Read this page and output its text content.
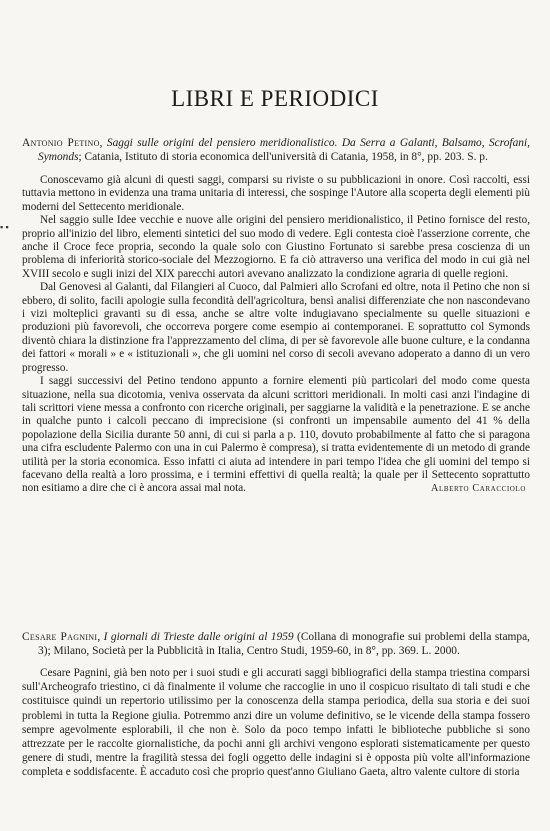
LIBRI E PERIODICI
▪ ▪

Antonio Petino, Saggi sulle origini del pensiero meridionalistico. Da Serra a Galanti, Balsamo, Scrofani, Symonds; Catania, Istituto di storia economica dell'università di Catania, 1958, in 8°, pp. 203. S. p.

Conoscevamo già alcuni di questi saggi, comparsi su riviste o su pubblicazioni in onore. Così raccolti, essi tuttavia mettono in evidenza una trama unitaria di interessi, che sospinge l'Autore alla scoperta degli elementi più moderni del Settecento meridionale.

Nel saggio sulle Idee vecchie e nuove alle origini del pensiero meridionalistico, il Petino fornisce del resto, proprio all'inizio del libro, elementi sintetici del suo modo di vedere. Egli contesta cioè l'asserzione corrente, che anche il Croce fece propria, secondo la quale solo con Giustino Fortunato si sarebbe presa coscienza di un problema di inferiorità storico-sociale del Mezzogiorno. E fa ciò attraverso una verifica del modo in cui già nel XVIII secolo e sugli inizi del XIX parecchi autori avevano analizzato la condizione agraria di quelle regioni.

Dal Genovesi al Galanti, dal Filangieri al Cuoco, dal Palmieri allo Scrofani ed oltre, nota il Petino che non si ebbero, di solito, facili apologie sulla fecondità dell'agricoltura, bensì analisi differenziate che non nascondevano i vizi molteplici gravanti su di essa, anche se altre volte indugiavano specialmente su quelle situazioni e produzioni più favorevoli, che occorreva porgere come esempio ai contemporanei. E soprattutto col Symonds diventò chiara la distinzione fra l'apprezzamento del clima, di per sè favorevole alle buone culture, e la condanna dei fattori « morali » e « istituzionali », che gli uomini nel corso di secoli avevano adoperato a danno di un vero progresso.

I saggi successivi del Petino tendono appunto a fornire elementi più particolari del modo come questa situazione, nella sua dicotomia, veniva osservata da alcuni scrittori meridionali. In molti casi anzi l'indagine di tali scrittori viene messa a confronto con ricerche originali, per saggiarne la validità e la penetrazione. E se anche in qualche punto i calcoli peccano di imprecisione (si confronti un impensabile aumento del 41 % della popolazione della Sicilia durante 50 anni, di cui si parla a p. 110, dovuto probabilmente al fatto che si paragona una cifra escludente Palermo con una in cui Palermo è compresa), si tratta evidentemente di un metodo di grande utilità per la storia economica. Esso infatti ci aiuta ad intendere in pari tempo l'idea che gli uomini del tempo si facevano della realtà a loro prossima, e i termini effettivi di quella realtà; la quale per il Settecento soprattutto non esitiamo a dire che ci è ancora assai mal nota.	Alberto Caracciolo

Cesare Pagnini, I giornali di Trieste dalle origini al 1959 (Collana di monografie sui problemi della stampa, 3); Milano, Società per la Pubblicità in Italia, Centro Studi, 1959-60, in 8°, pp. 369. L. 2000.

Cesare Pagnini, già ben noto per i suoi studi e gli accurati saggi bibliografici della stampa triestina comparsi sull'Archeografo triestino, ci dà finalmente il volume che raccoglie in uno il cospicuo risultato di tali studi e che costituisce quindi un repertorio utilissimo per la conoscenza della stampa periodica, della sua storia e dei suoi problemi in tutta la Regione giulia. Potremmo anzi dire un volume definitivo, se le vicende della stampa fossero sempre agevolmente esplorabili, il che non è. Solo da poco tempo infatti le biblioteche pubbliche si sono attrezzate per le raccolte giornalistiche, da pochi anni gli archivi vengono esplorati sistematicamente per questo genere di studi, mentre la fragilità stessa dei fogli oggetto delle indagini si è opposta più volte all'informazione completa e soddisfacente. È accaduto così che proprio quest'anno Giuliano Gaeta, altro valente cultore di storia
